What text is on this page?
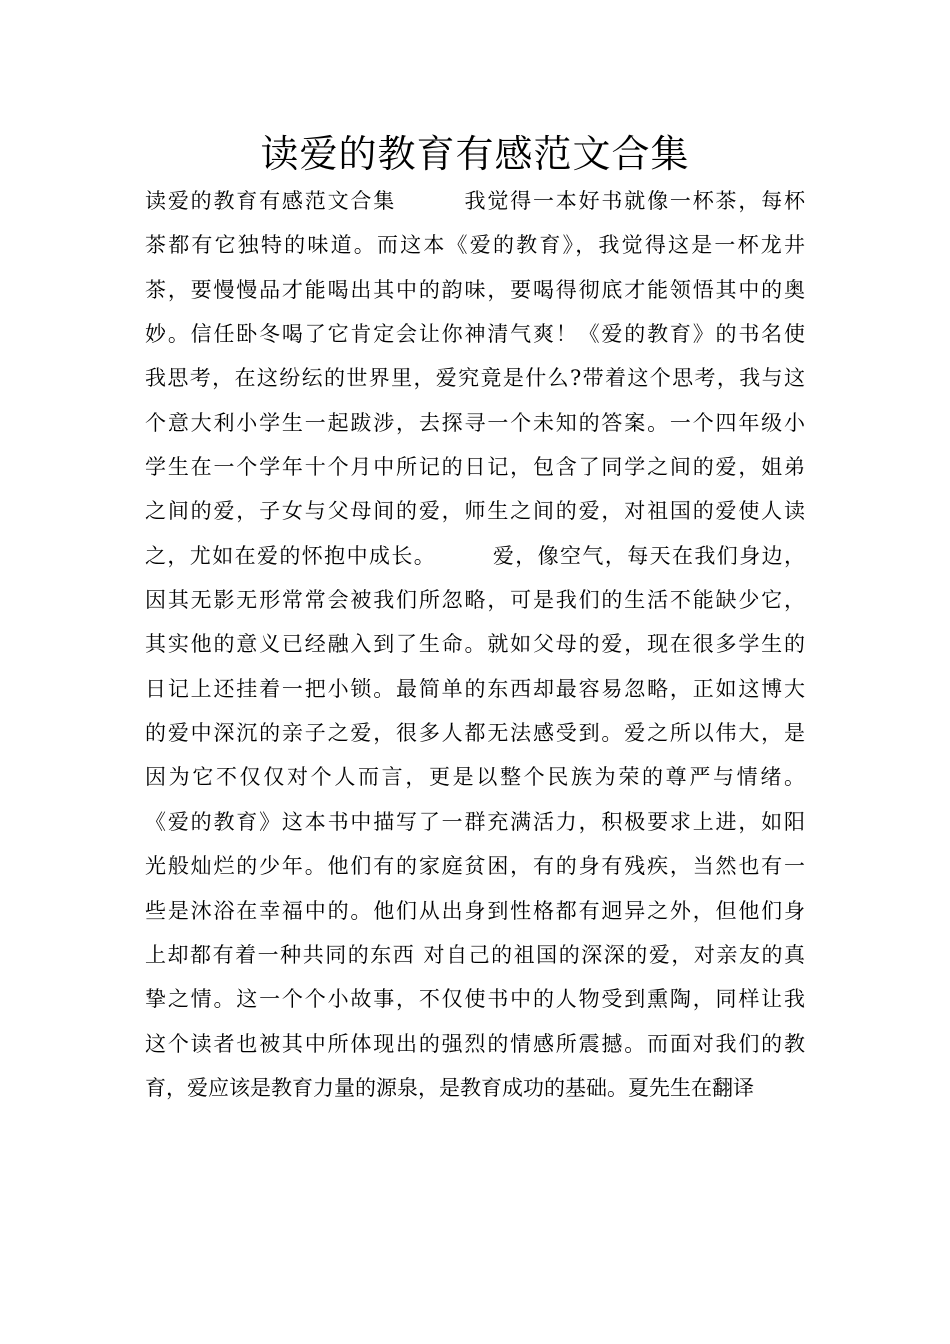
读爱的教育有感范文合集
读爱的教育有感范文合集　　　我觉得一本好书就像一杯茶，每杯
茶都有它独特的味道。而这本《爱的教育》，我觉得这是一杯龙井
茶，要慢慢品才能喝出其中的韵味，要喝得彻底才能领悟其中的奥
妙。信任卧冬喝了它肯定会让你神清气爽！《爱的教育》的书名使
我思考，在这纷纭的世界里，爱究竟是什么?带着这个思考，我与这
个意大利小学生一起跋涉，去探寻一个未知的答案。一个四年级小
学生在一个学年十个月中所记的日记，包含了同学之间的爱，姐弟
之间的爱，子女与父母间的爱，师生之间的爱，对祖国的爱使人读
之，尤如在爱的怀抱中成长。　　　爱，像空气，每天在我们身边，
因其无影无形常常会被我们所忽略，可是我们的生活不能缺少它，
其实他的意义已经融入到了生命。就如父母的爱，现在很多学生的
日记上还挂着一把小锁。最简单的东西却最容易忽略，正如这博大
的爱中深沉的亲子之爱，很多人都无法感受到。爱之所以伟大，是
因为它不仅仅对个人而言，更是以整个民族为荣的尊严与情绪。
《爱的教育》这本书中描写了一群充满活力，积极要求上进，如阳
光般灿烂的少年。他们有的家庭贫困，有的身有残疾，当然也有一
些是沐浴在幸福中的。他们从出身到性格都有迥异之外，但他们身
上却都有着一种共同的东西 对自己的祖国的深深的爱，对亲友的真
挚之情。这一个个小故事，不仅使书中的人物受到熏陶，同样让我
这个读者也被其中所体现出的强烈的情感所震撼。而面对我们的教
育，爱应该是教育力量的源泉，是教育成功的基础。夏先生在翻译
